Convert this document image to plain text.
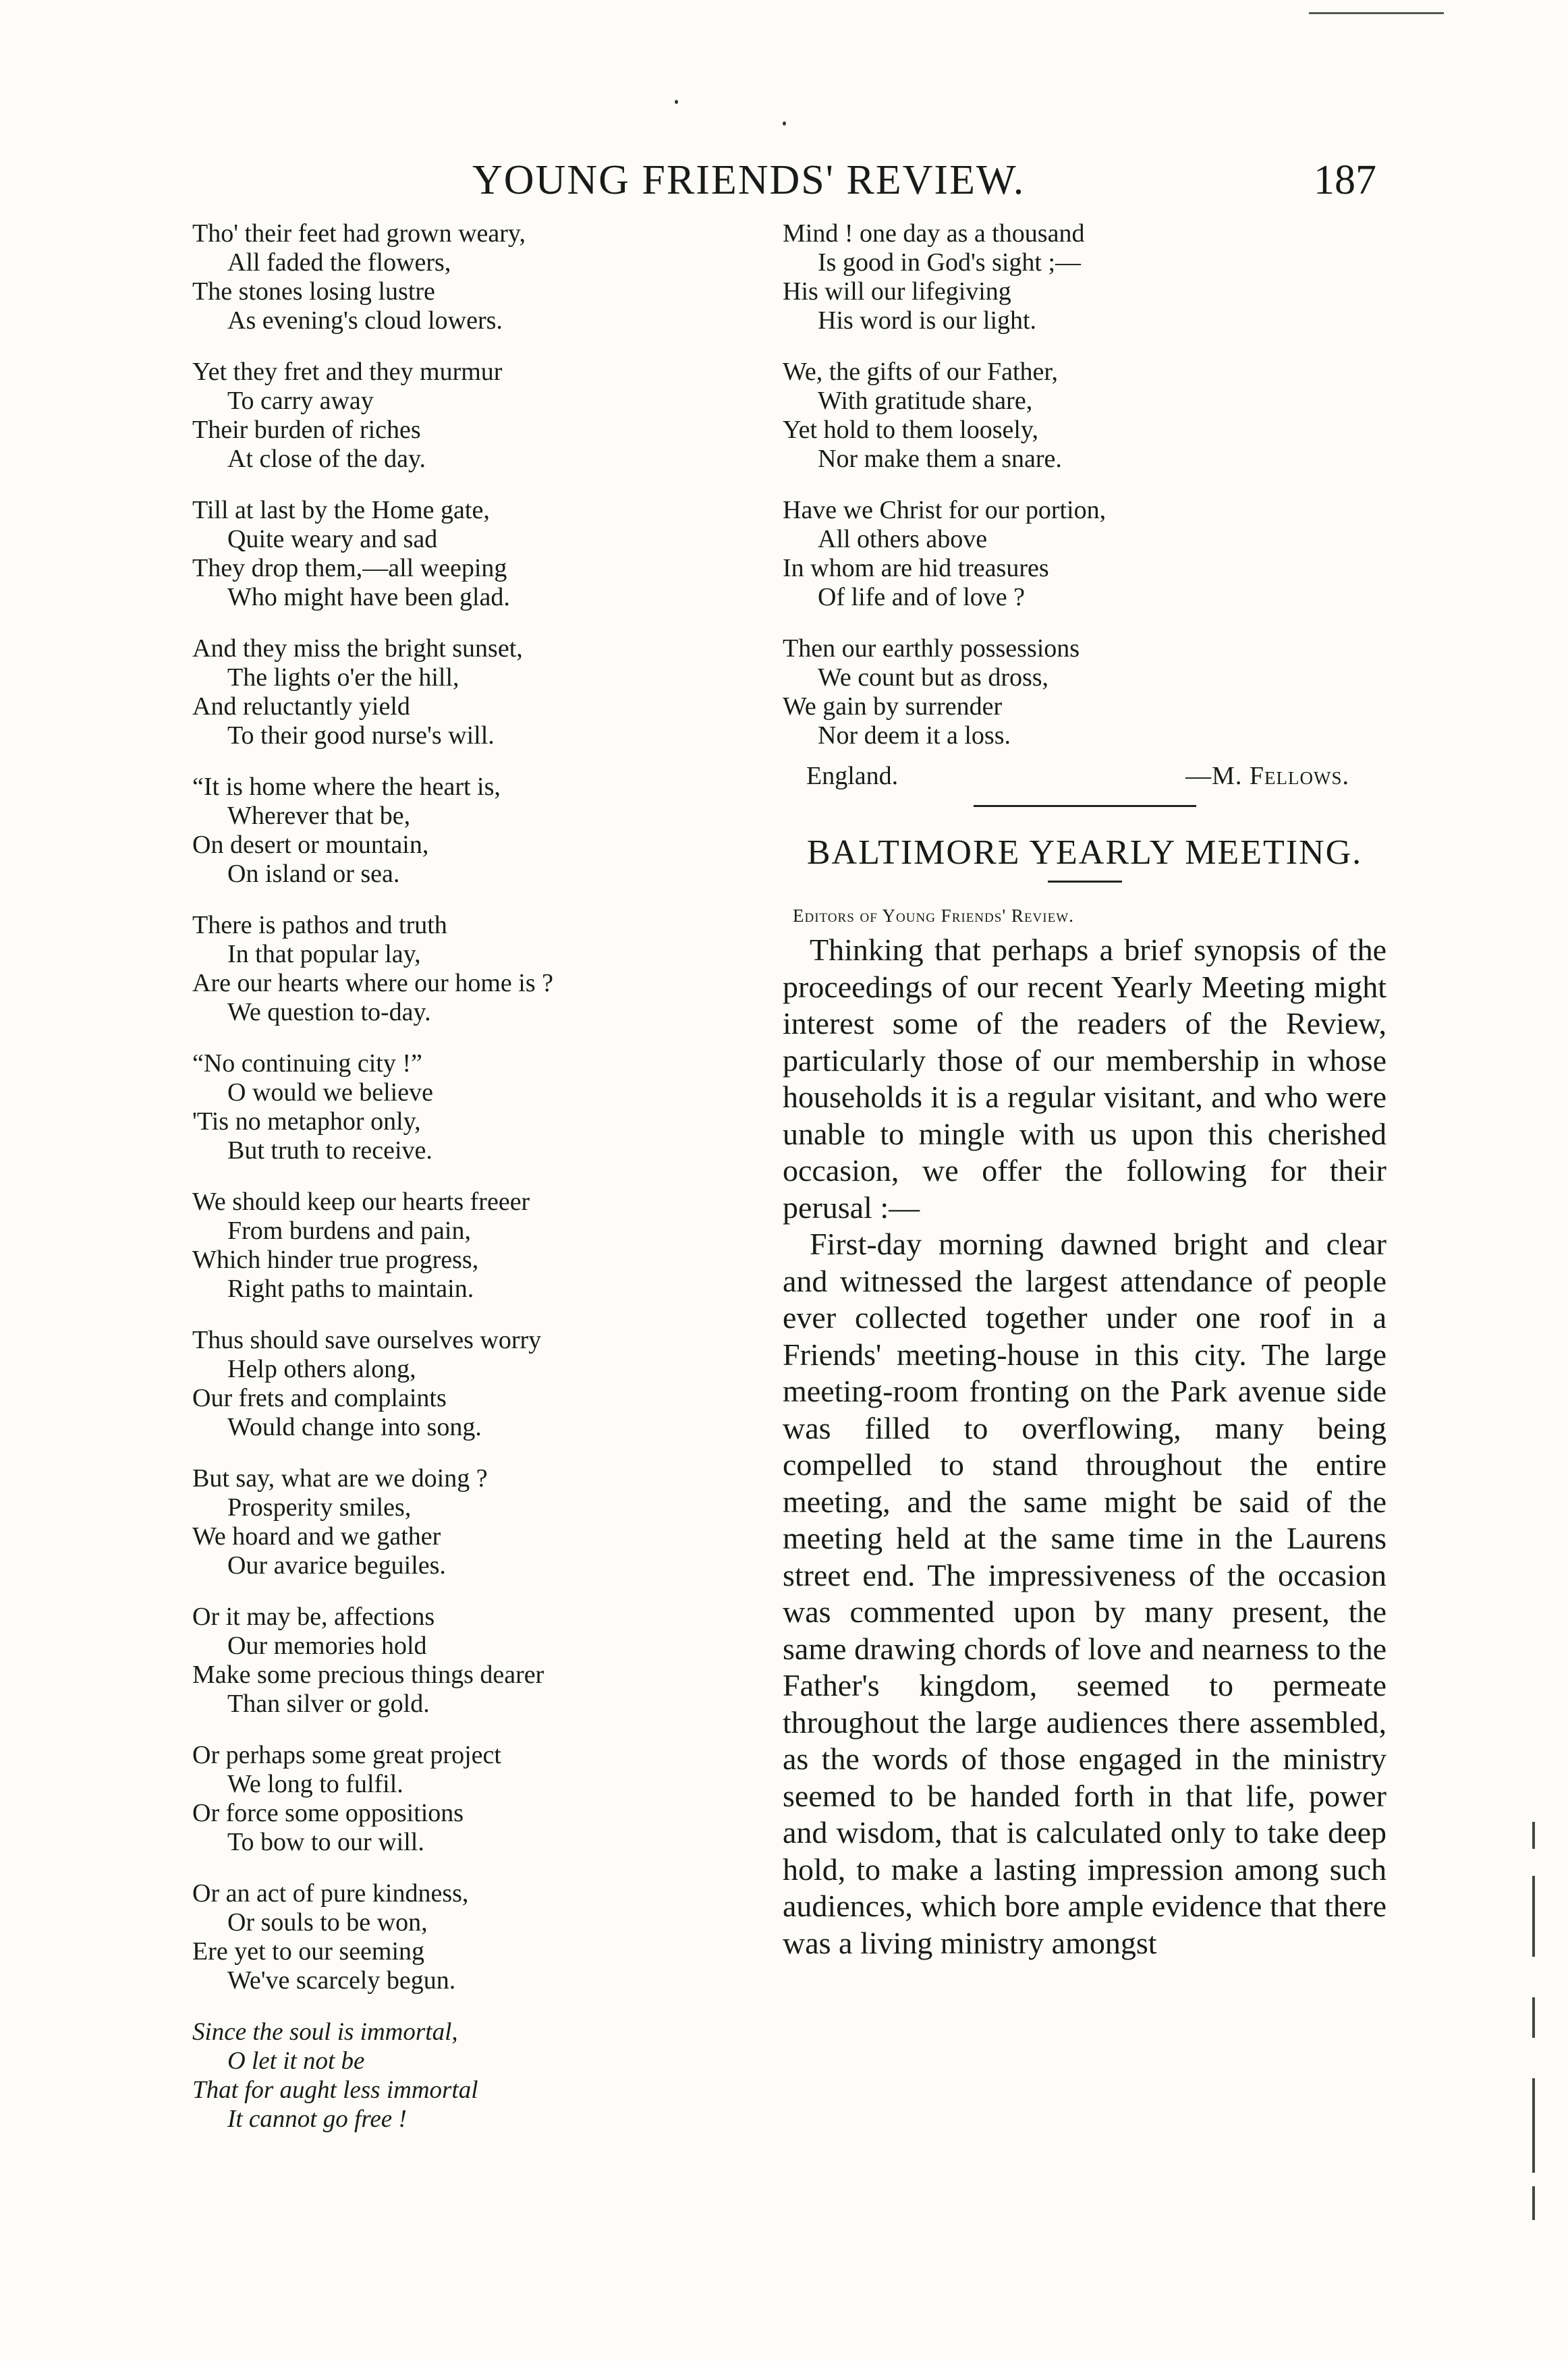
YOUNG FRIENDS' REVIEW.	187
Tho' their feet had grown weary,
All faded the flowers,
The stones losing lustre
As evening's cloud lowers.
Yet they fret and they murmur
To carry away
Their burden of riches
At close of the day.
Till at last by the Home gate,
Quite weary and sad
They drop them,—all weeping
Who might have been glad.
And they miss the bright sunset,
The lights o'er the hill,
And reluctantly yield
To their good nurse's will.
“It is home where the heart is,
Wherever that be,
On desert or mountain,
On island or sea.
There is pathos and truth
In that popular lay,
Are our hearts where our home is ?
We question to-day.
“No continuing city !”
O would we believe
'Tis no metaphor only,
But truth to receive.
We should keep our hearts freeer
From burdens and pain,
Which hinder true progress,
Right paths to maintain.
Thus should save ourselves worry
Help others along,
Our frets and complaints
Would change into song.
But say, what are we doing ?
Prosperity smiles,
We hoard and we gather
Our avarice beguiles.
Or it may be, affections
Our memories hold
Make some precious things dearer
Than silver or gold.
Or perhaps some great project
We long to fulfil.
Or force some oppositions
To bow to our will.
Or an act of pure kindness,
Or souls to be won,
Ere yet to our seeming
We've scarcely begun.
Since the soul is immortal,
O let it not be
That for aught less immortal
It cannot go free !
Mind ! one day as a thousand
Is good in God's sight ;—
His will our lifegiving
His word is our light.
We, the gifts of our Father,
With gratitude share,
Yet hold to them loosely,
Nor make them a snare.
Have we Christ for our portion,
All others above
In whom are hid treasures
Of life and of love ?
Then our earthly possessions
We count but as dross,
We gain by surrender
Nor deem it a loss.
England.	—M. Fellows.
BALTIMORE YEARLY MEETING.
Editors of Young Friends' Review.

Thinking that perhaps a brief synopsis of the proceedings of our recent Yearly Meeting might interest some of the readers of the Review, particularly those of our membership in whose households it is a regular visitant, and who were unable to mingle with us upon this cherished occasion, we offer the following for their perusal :—

First-day morning dawned bright and clear and witnessed the largest attendance of people ever collected together under one roof in a Friends' meeting-house in this city. The large meeting-room fronting on the Park avenue side was filled to overflowing, many being compelled to stand throughout the entire meeting, and the same might be said of the meeting held at the same time in the Laurens street end. The impressiveness of the occasion was commented upon by many present, the same drawing chords of love and nearness to the Father's kingdom, seemed to permeate throughout the large audiences there assembled, as the words of those engaged in the ministry seemed to be handed forth in that life, power and wisdom, that is calculated only to take deep hold, to make a lasting impression among such audiences, which bore ample evidence that there was a living ministry amongst
